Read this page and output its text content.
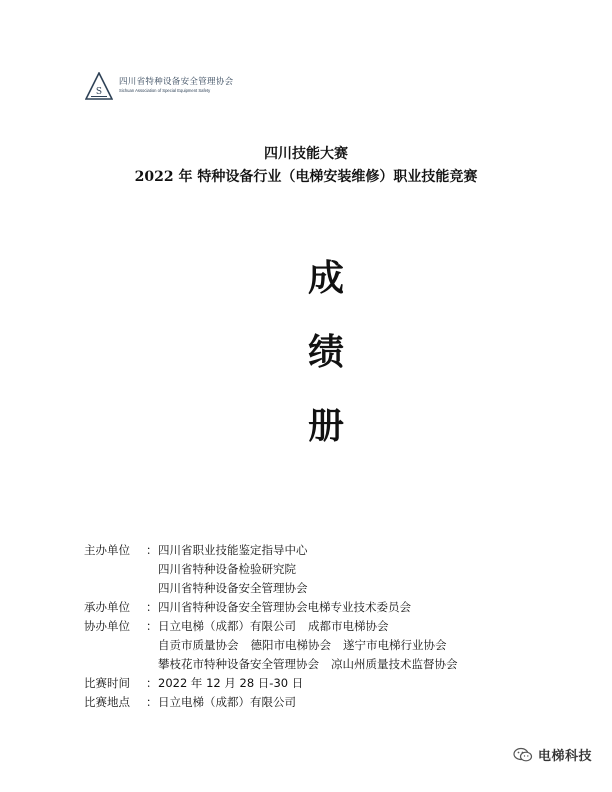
S
四川省特种设备安全管理协会
Sichuan Association of Special Equipment Safety
四川技能大赛
2022 年 特种设备行业（电梯安装维修）职业技能竞赛
成
绩
册
主办单位	： 四川省职业技能鉴定指导中心
四川省特种设备检验研究院
四川省特种设备安全管理协会
承办单位	： 四川省特种设备安全管理协会电梯专业技术委员会
协办单位	： 日立电梯（成都）有限公司 成都市电梯协会
自贡市质量协会 德阳市电梯协会 遂宁市电梯行业协会
攀枝花市特种设备安全管理协会 凉山州质量技术监督协会
比赛时间	： 2022 年 12 月 28 日-30 日
比赛地点	： 日立电梯（成都）有限公司
电梯科技
